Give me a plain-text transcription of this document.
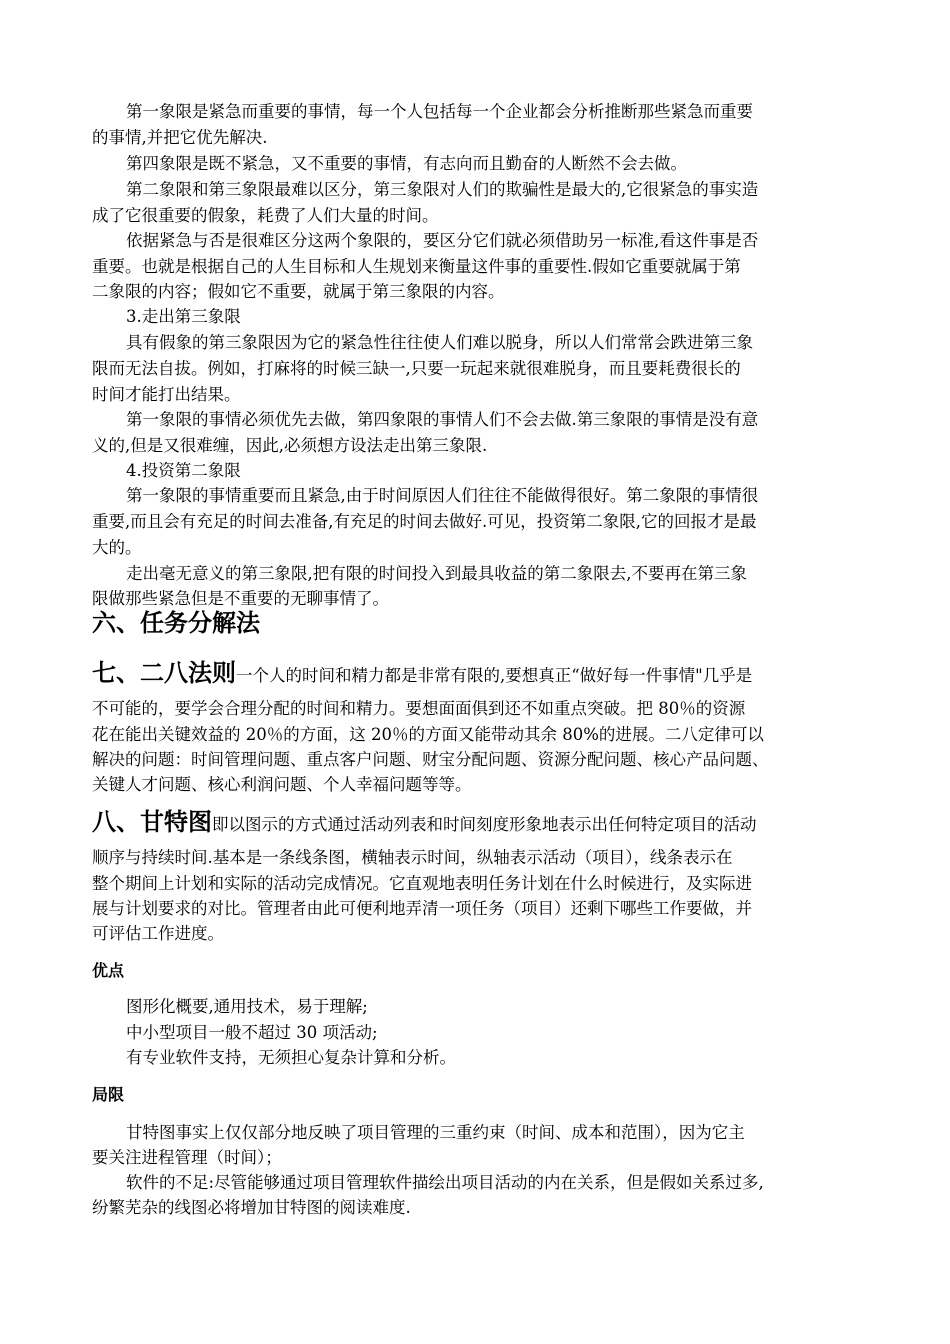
第一象限是紧急而重要的事情，每一个人包括每一个企业都会分析推断那些紧急而重要
的事情,并把它优先解决.
第四象限是既不紧急，又不重要的事情，有志向而且勤奋的人断然不会去做。
第二象限和第三象限最难以区分，第三象限对人们的欺骗性是最大的,它很紧急的事实造
成了它很重要的假象，耗费了人们大量的时间。
依据紧急与否是很难区分这两个象限的，要区分它们就必须借助另一标准,看这件事是否
重要。也就是根据自己的人生目标和人生规划来衡量这件事的重要性.假如它重要就属于第
二象限的内容；假如它不重要，就属于第三象限的内容。
3.走出第三象限
具有假象的第三象限因为它的紧急性往往使人们难以脱身，所以人们常常会跌进第三象
限而无法自拔。例如，打麻将的时候三缺一,只要一玩起来就很难脱身，而且要耗费很长的
时间才能打出结果。
第一象限的事情必须优先去做，第四象限的事情人们不会去做.第三象限的事情是没有意
义的,但是又很难缠，因此,必须想方设法走出第三象限.
4.投资第二象限
第一象限的事情重要而且紧急,由于时间原因人们往往不能做得很好。第二象限的事情很
重要,而且会有充足的时间去准备,有充足的时间去做好.可见，投资第二象限,它的回报才是最
大的。
走出毫无意义的第三象限,把有限的时间投入到最具收益的第二象限去,不要再在第三象
限做那些紧急但是不重要的无聊事情了。
六、任务分解法
七、二八法则一个人的时间和精力都是非常有限的,要想真正“做好每一件事情"几乎是
不可能的，要学会合理分配的时间和精力。要想面面俱到还不如重点突破。把 80％的资源
花在能出关键效益的 20％的方面，这 20％的方面又能带动其余 80%的进展。二八定律可以
解决的问题：时间管理问题、重点客户问题、财宝分配问题、资源分配问题、核心产品问题、
关键人才问题、核心利润问题、个人幸福问题等等。
八、甘特图即以图示的方式通过活动列表和时间刻度形象地表示出任何特定项目的活动
顺序与持续时间.基本是一条线条图，横轴表示时间，纵轴表示活动（项目），线条表示在
整个期间上计划和实际的活动完成情况。它直观地表明任务计划在什么时候进行，及实际进
展与计划要求的对比。管理者由此可便利地弄清一项任务（项目）还剩下哪些工作要做，并
可评估工作进度。
优点
图形化概要,通用技术，易于理解;
中小型项目一般不超过 30 项活动;
有专业软件支持，无须担心复杂计算和分析。
局限
甘特图事实上仅仅部分地反映了项目管理的三重约束（时间、成本和范围），因为它主
要关注进程管理（时间）；
软件的不足:尽管能够通过项目管理软件描绘出项目活动的内在关系，但是假如关系过多,
纷繁芜杂的线图必将增加甘特图的阅读难度.
